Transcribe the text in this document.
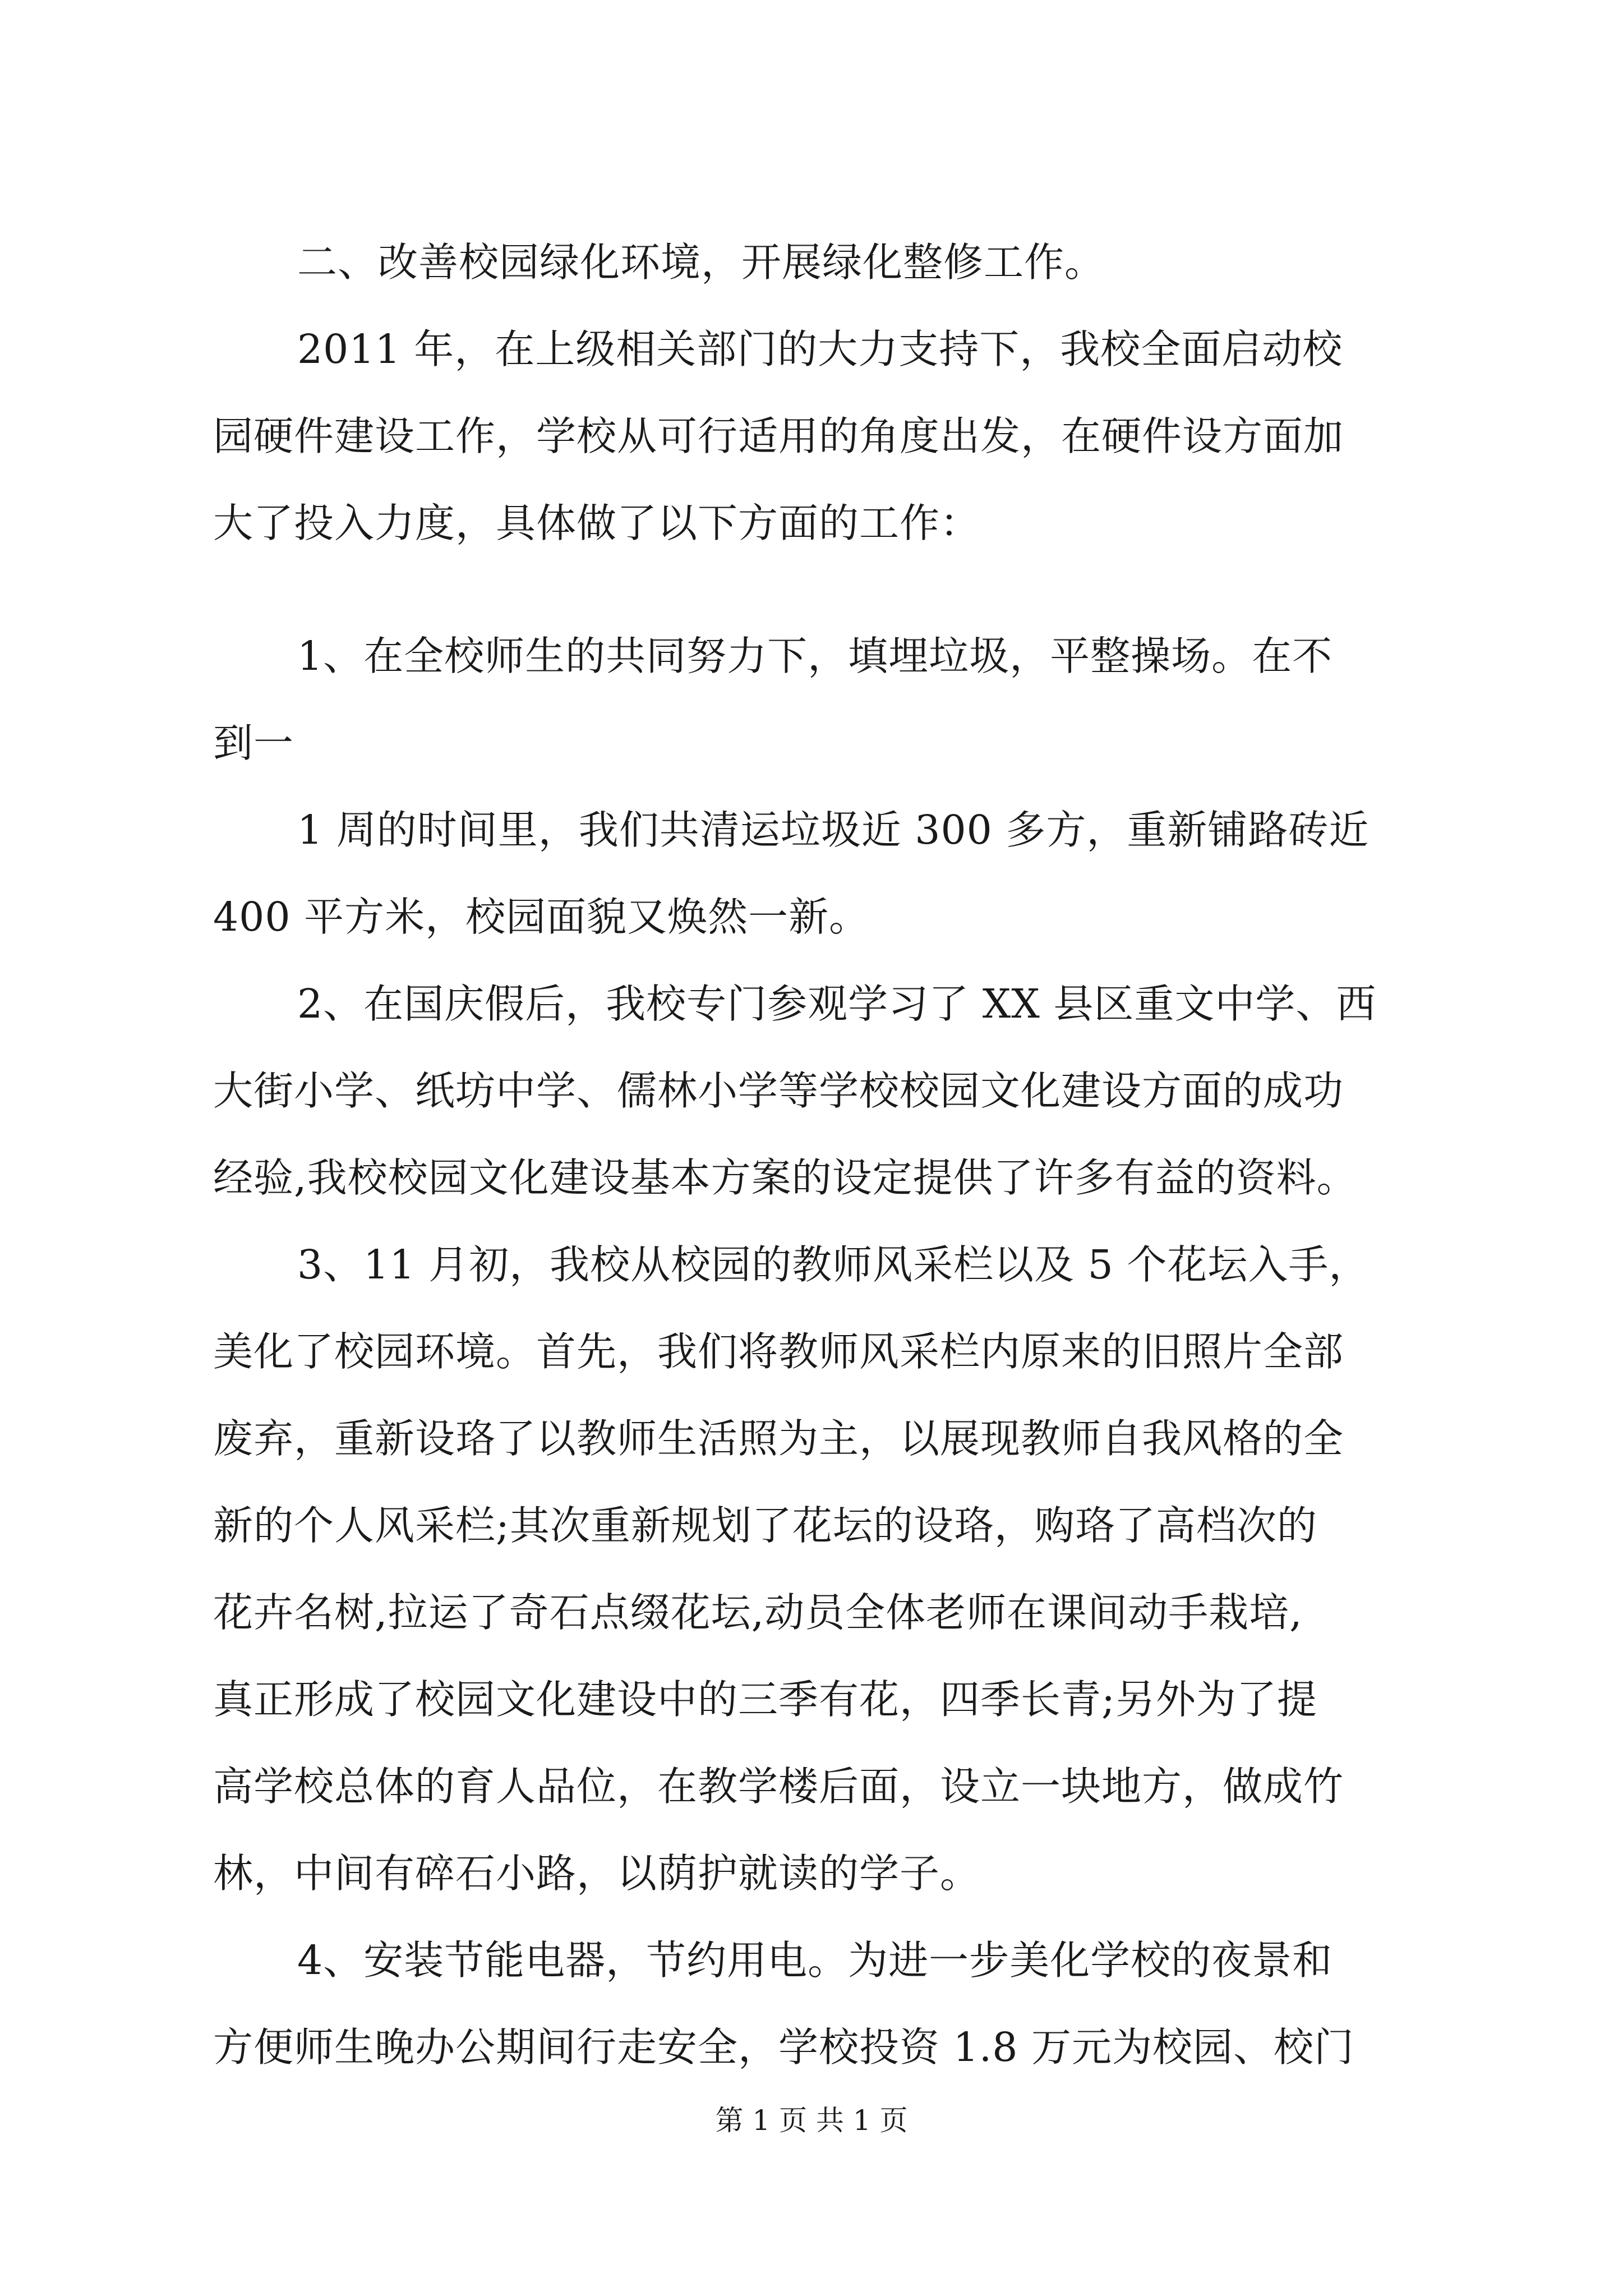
二、改善校园绿化环境，开展绿化整修工作。
2011 年，在上级相关部门的大力支持下，我校全面启动校
园硬件建设工作，学校从可行适用的角度出发，在硬件设方面加
大了投入力度，具体做了以下方面的工作：
1、在全校师生的共同努力下，填埋垃圾，平整操场。在不
到一
1 周的时间里，我们共清运垃圾近 300 多方，重新铺路砖近
400 平方米，校园面貌又焕然一新。
2、在国庆假后，我校专门参观学习了 XX 县区重文中学、西
大街小学、纸坊中学、儒林小学等学校校园文化建设方面的成功
经验,我校校园文化建设基本方案的设定提供了许多有益的资料。
3、11 月初，我校从校园的教师风采栏以及 5 个花坛入手，
美化了校园环境。首先，我们将教师风采栏内原来的旧照片全部
废弃，重新设珞了以教师生活照为主，以展现教师自我风格的全
新的个人风采栏;其次重新规划了花坛的设珞，购珞了高档次的
花卉名树,拉运了奇石点缀花坛,动员全体老师在课间动手栽培,
真正形成了校园文化建设中的三季有花，四季长青;另外为了提
高学校总体的育人品位，在教学楼后面，设立一块地方，做成竹
林，中间有碎石小路，以荫护就读的学子。
4、安装节能电器，节约用电。为进一步美化学校的夜景和
方便师生晚办公期间行走安全，学校投资 1.8 万元为校园、校门
第 1 页 共 1 页
